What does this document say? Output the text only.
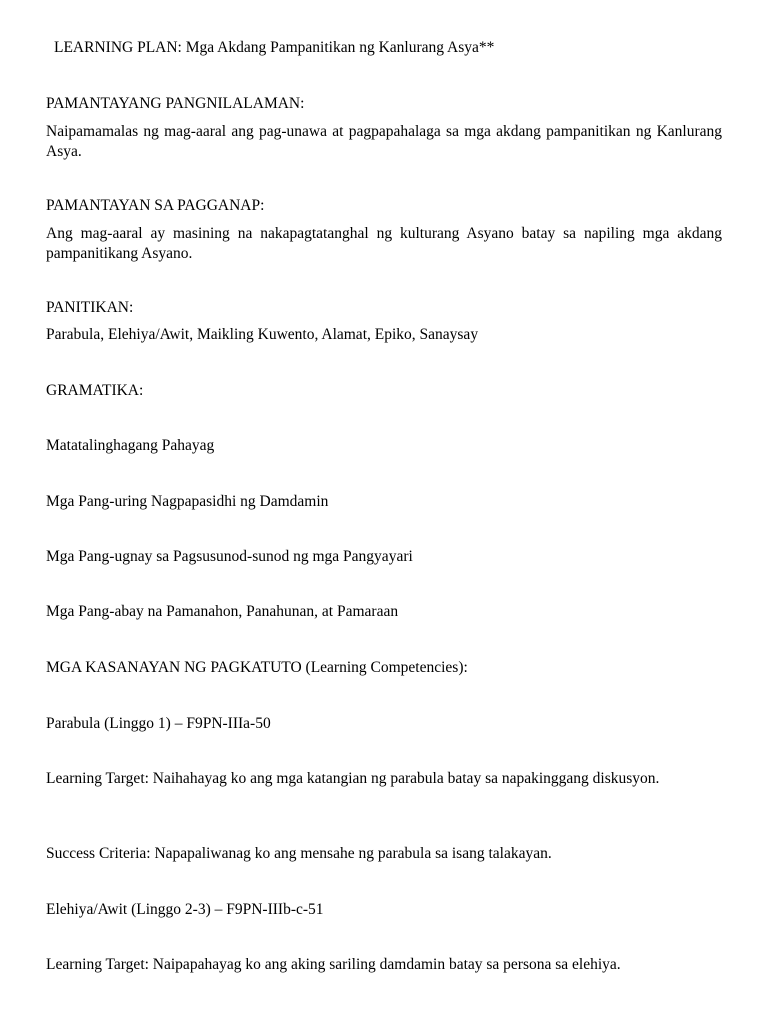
LEARNING PLAN: Mga Akdang Pampanitikan ng Kanlurang Asya**
PAMANTAYANG PANGNILALAMAN:
Naipamamalas ng mag-aaral ang pag-unawa at pagpapahalaga sa mga akdang pampanitikan ng Kanlurang Asya.
PAMANTAYAN SA PAGGANAP:
Ang mag-aaral ay masining na nakapagtatanghal ng kulturang Asyano batay sa napiling mga akdang pampanitikang Asyano.
PANITIKAN:
Parabula, Elehiya/Awit, Maikling Kuwento, Alamat, Epiko, Sanaysay
GRAMATIKA:
Matatalinghagang Pahayag
Mga Pang-uring Nagpapasidhi ng Damdamin
Mga Pang-ugnay sa Pagsusunod-sunod ng mga Pangyayari
Mga Pang-abay na Pamanahon, Panahunan, at Pamaraan
MGA KASANAYAN NG PAGKATUTO (Learning Competencies):
Parabula (Linggo 1) – F9PN-IIIa-50
Learning Target: Naihahayag ko ang mga katangian ng parabula batay sa napakinggang diskusyon.
Success Criteria: Napapaliwanag ko ang mensahe ng parabula sa isang talakayan.
Elehiya/Awit (Linggo 2-3) – F9PN-IIIb-c-51
Learning Target: Naipapahayag ko ang aking sariling damdamin batay sa persona sa elehiya.
